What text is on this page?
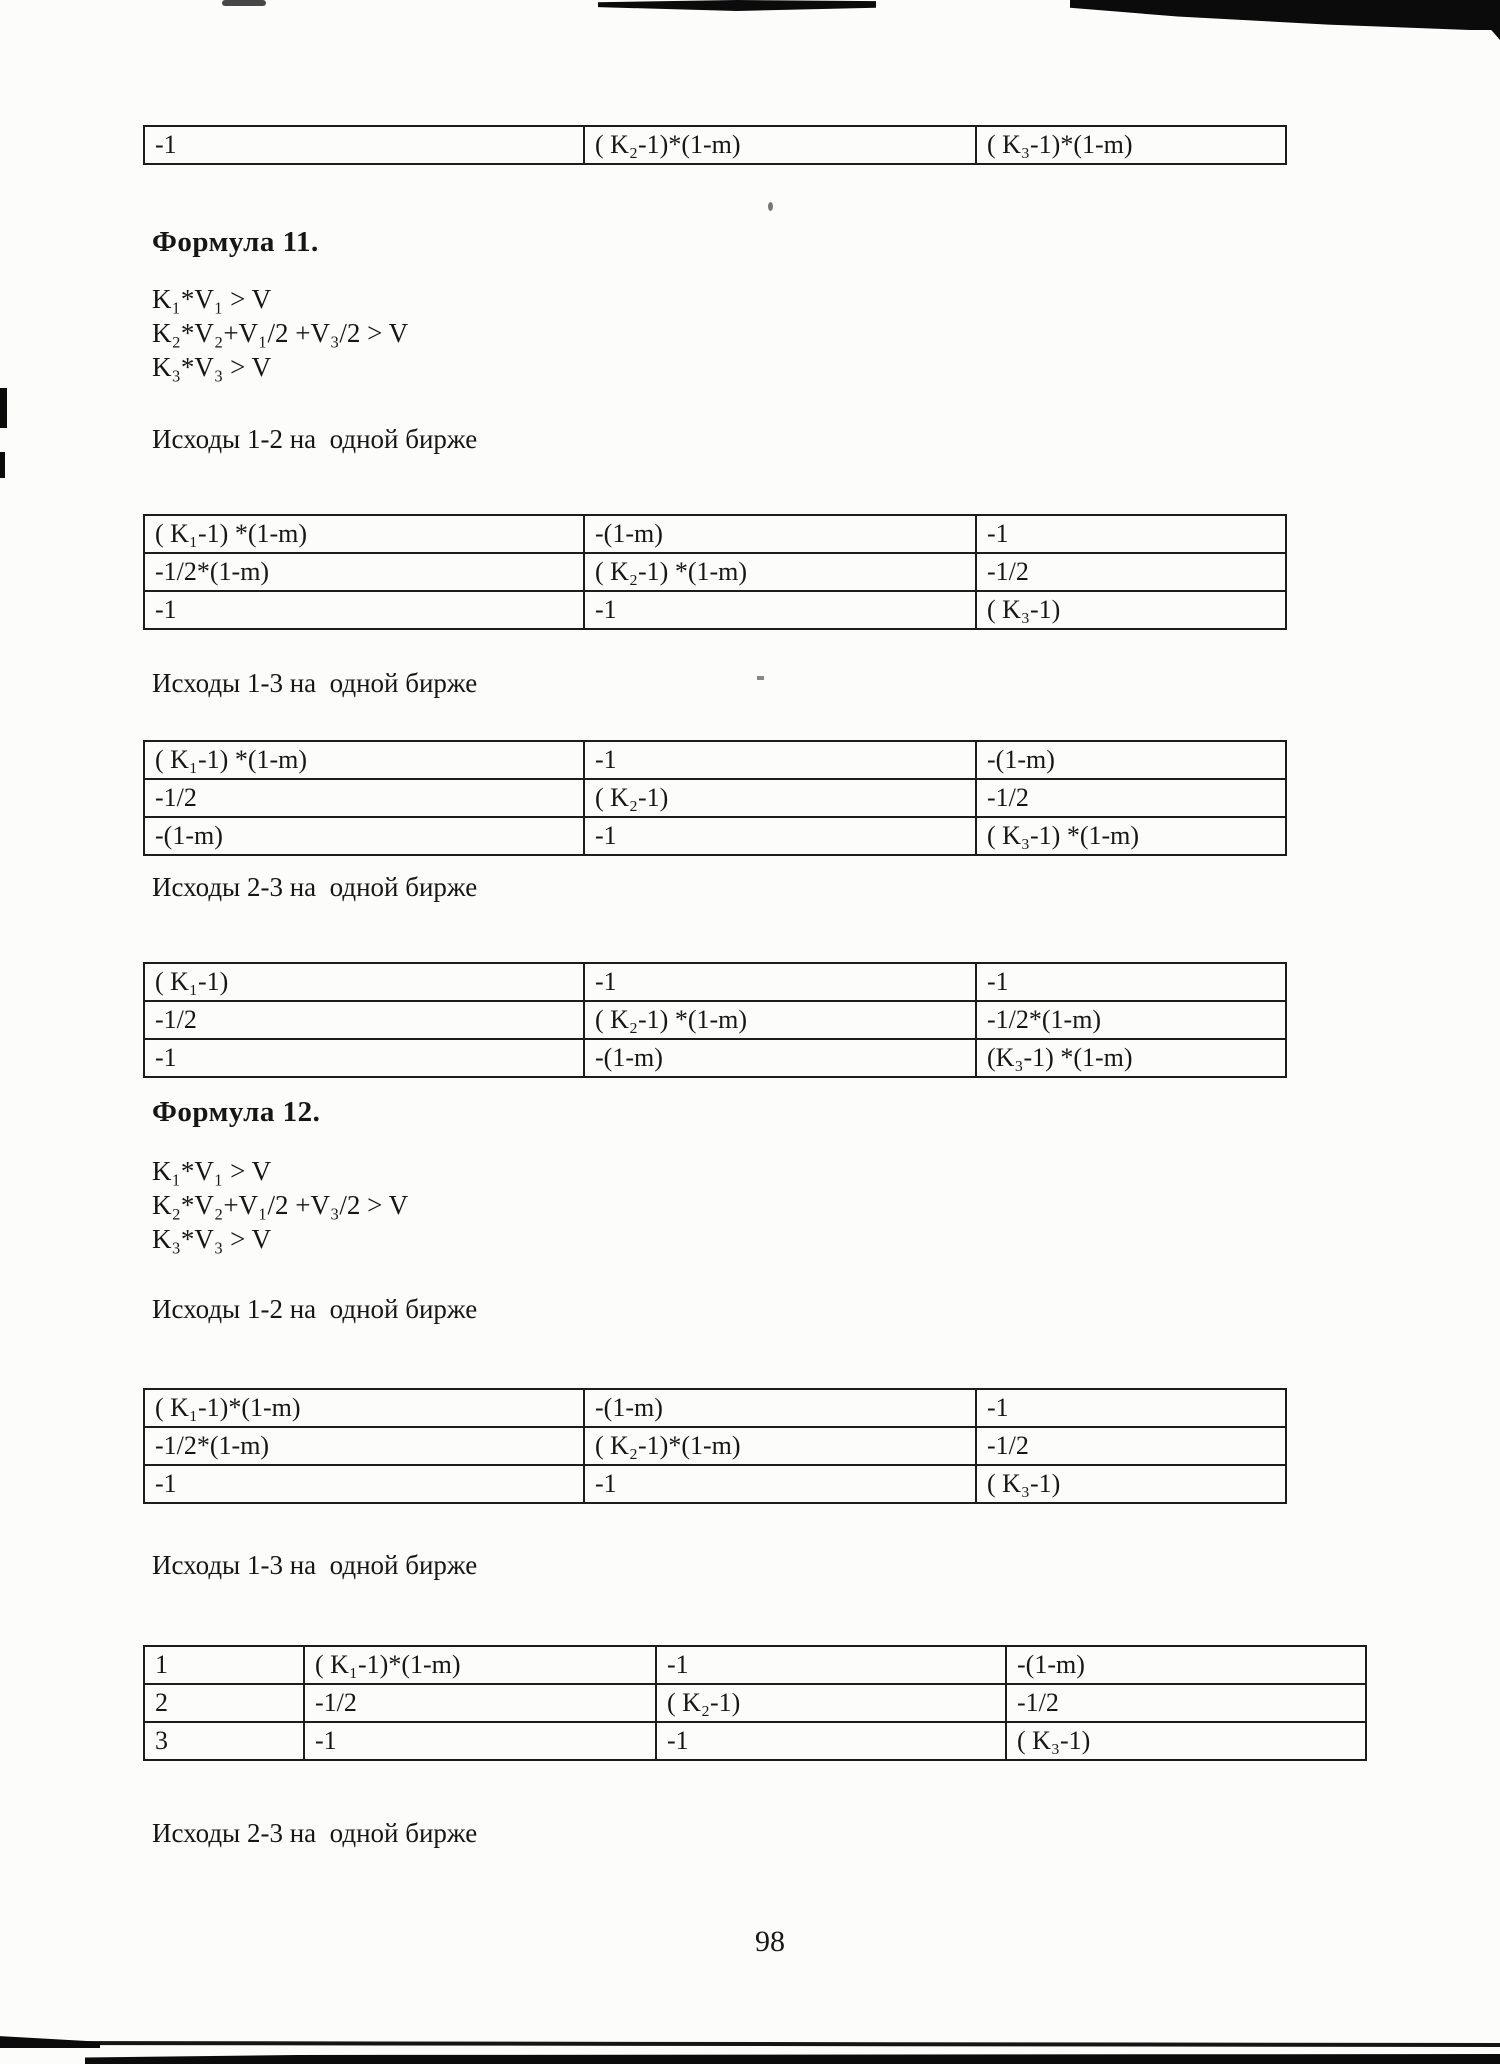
-1	( K₂-1)*(1-m)	( K₃-1)*(1-m)
Формула 11.
K₁*V₁ > V
K₂*V₂+V₁/2 +V₃/2 > V
K₃*V₃ > V
Исходы 1-2 на  одной бирже
( K₁-1) *(1-m)	-(1-m)	-1
-1/2*(1-m)	( K₂-1) *(1-m)	-1/2
-1	-1	( K₃-1)
Исходы 1-3 на  одной бирже
( K₁-1) *(1-m)	-1	-(1-m)
-1/2	( K₂-1)	-1/2
-(1-m)	-1	( K₃-1) *(1-m)
Исходы 2-3 на  одной бирже
( K₁-1)	-1	-1
-1/2	( K₂-1) *(1-m)	-1/2*(1-m)
-1	-(1-m)	(K₃-1) *(1-m)
Формула 12.
K₁*V₁ > V
K₂*V₂+V₁/2 +V₃/2 > V
K₃*V₃ > V
Исходы 1-2 на  одной бирже
( K₁-1)*(1-m)	-(1-m)	-1
-1/2*(1-m)	( K₂-1)*(1-m)	-1/2
-1	-1	( K₃-1)
Исходы 1-3 на  одной бирже
1	( K₁-1)*(1-m)	-1	-(1-m)
2	-1/2	( K₂-1)	-1/2
3	-1	-1	( K₃-1)
Исходы 2-3 на  одной бирже
98
